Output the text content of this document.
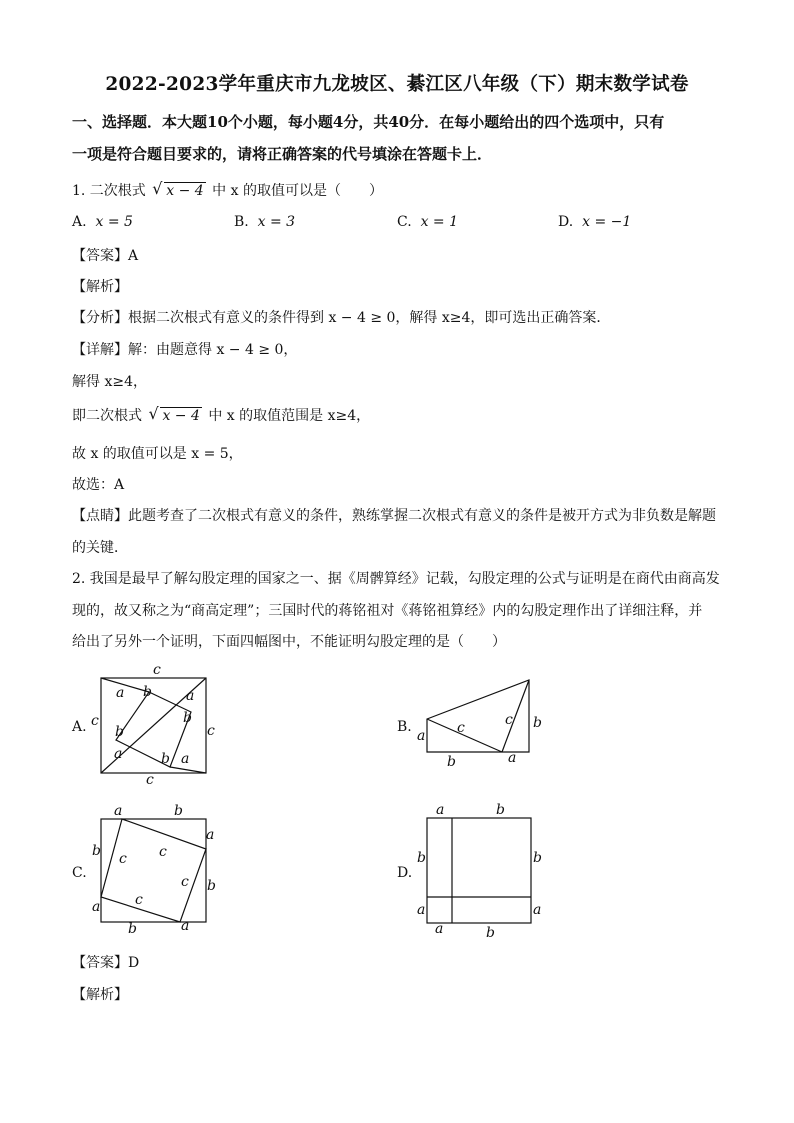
2022-2023学年重庆市九龙坡区、綦江区八年级（下）期末数学试卷
一、选择题．本大题10个小题，每小题4分，共40分．在每小题给出的四个选项中，只有
一项是符合题目要求的，请将正确答案的代号填涂在答题卡上．
1. 二次根式 √ x − 4 中 x 的取值可以是（　　）
A. x = 5	B. x = 3	C. x = 1	D. x = −1
【答案】A
【解析】
【分析】根据二次根式有意义的条件得到 x − 4 ≥ 0，解得 x≥4，即可选出正确答案．
【详解】解：由题意得 x − 4 ≥ 0，
解得 x≥4，
即二次根式 √ x − 4 中 x 的取值范围是 x≥4，
故 x 的取值可以是 x = 5，
故选：A
【点睛】此题考查了二次根式有意义的条件，熟练掌握二次根式有意义的条件是被开方式为非负数是解题
的关键．
2. 我国是最早了解勾股定理的国家之一、据《周髀算经》记载，勾股定理的公式与证明是在商代由商高发
现的，故又称之为“商高定理”；三国时代的蒋铭祖对《蒋铭祖算经》内的勾股定理作出了详细注释，并
给出了另外一个证明，下面四幅图中，不能证明勾股定理的是（　　）
A.
c
a b a
b
c
c
b
a	b a
c
B.
a c	c b
b	a
C.
a	b
a
b c c
c b
c
a
b	a
D.
a	b
b	b
a	a
a	b
【答案】D
【解析】
